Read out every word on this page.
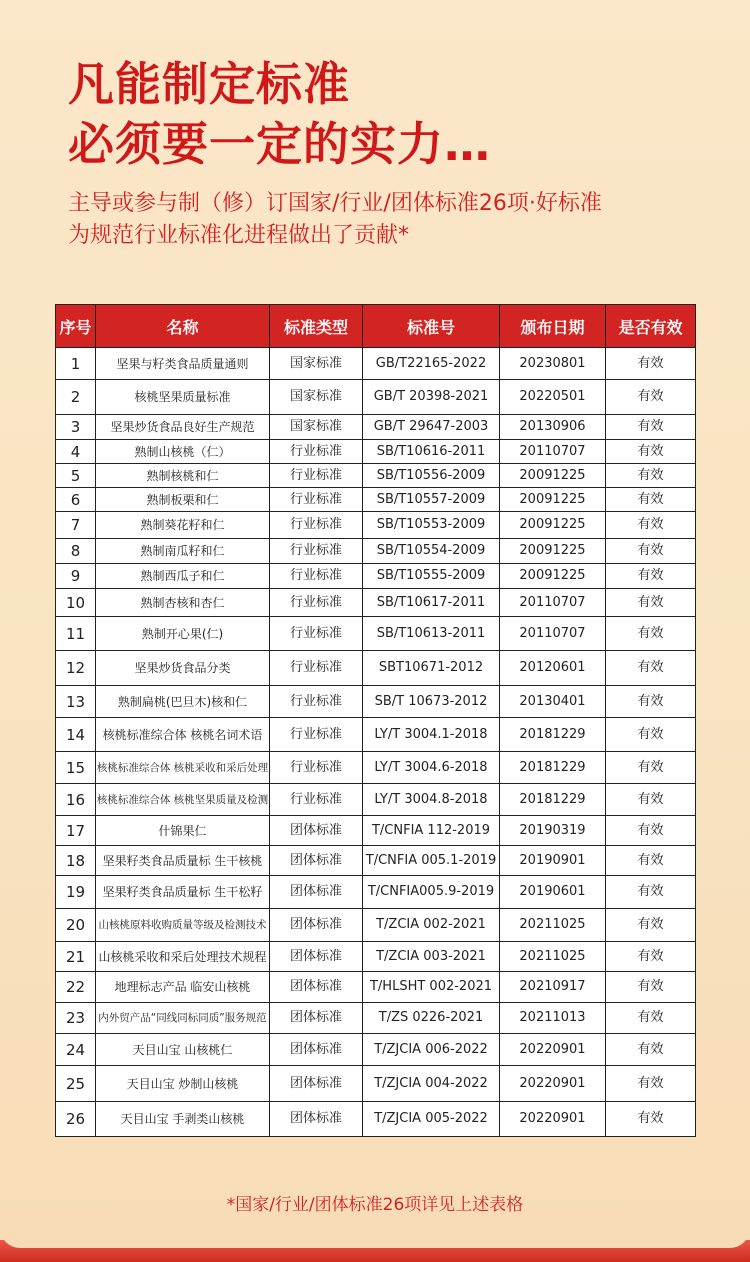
凡能制定标准
必须要一定的实力…
主导或参与制（修）订国家/行业/团体标准26项·好标准
为规范行业标准化进程做出了贡献*
序号	名称	标准类型	标准号	颁布日期	是否有效
1	坚果与籽类食品质量通则	国家标准	GB/T22165-2022	20230801	有效
2	核桃坚果质量标准	国家标准	GB/T 20398-2021	20220501	有效
3	坚果炒货食品良好生产规范	国家标准	GB/T 29647-2003	20130906	有效
4	熟制山核桃（仁）	行业标准	SB/T10616-2011	20110707	有效
5	熟制核桃和仁	行业标准	SB/T10556-2009	20091225	有效
6	熟制板栗和仁	行业标准	SB/T10557-2009	20091225	有效
7	熟制葵花籽和仁	行业标准	SB/T10553-2009	20091225	有效
8	熟制南瓜籽和仁	行业标准	SB/T10554-2009	20091225	有效
9	熟制西瓜子和仁	行业标准	SB/T10555-2009	20091225	有效
10	熟制杏核和杏仁	行业标准	SB/T10617-2011	20110707	有效
11	熟制开心果(仁)	行业标准	SB/T10613-2011	20110707	有效
12	坚果炒货食品分类	行业标准	SBT10671-2012	20120601	有效
13	熟制扁桃(巴旦木)核和仁	行业标准	SB/T 10673-2012	20130401	有效
14	核桃标准综合体 核桃名词术语	行业标准	LY/T 3004.1-2018	20181229	有效
15	核桃标准综合体 核桃采收和采后处理	行业标准	LY/T 3004.6-2018	20181229	有效
16	核桃标准综合体 核桃坚果质量及检测	行业标准	LY/T 3004.8-2018	20181229	有效
17	什锦果仁	团体标准	T/CNFIA 112-2019	20190319	有效
18	坚果籽类食品质量标 生干核桃	团体标准	T/CNFIA 005.1-2019	20190901	有效
19	坚果籽类食品质量标 生干松籽	团体标准	T/CNFIA005.9-2019	20190601	有效
20	山核桃原料收购质量等级及检测技术	团体标准	T/ZCIA 002-2021	20211025	有效
21	山核桃采收和采后处理技术规程	团体标准	T/ZCIA 003-2021	20211025	有效
22	地理标志产品 临安山核桃	团体标准	T/HLSHT 002-2021	20210917	有效
23	内外贸产品“同线同标同质”服务规范	团体标准	T/ZS 0226-2021	20211013	有效
24	天目山宝 山核桃仁	团体标准	T/ZJCIA 006-2022	20220901	有效
25	天目山宝 炒制山核桃	团体标准	T/ZJCIA 004-2022	20220901	有效
26	天目山宝 手剥类山核桃	团体标准	T/ZJCIA 005-2022	20220901	有效
*国家/行业/团体标准26项详见上述表格
